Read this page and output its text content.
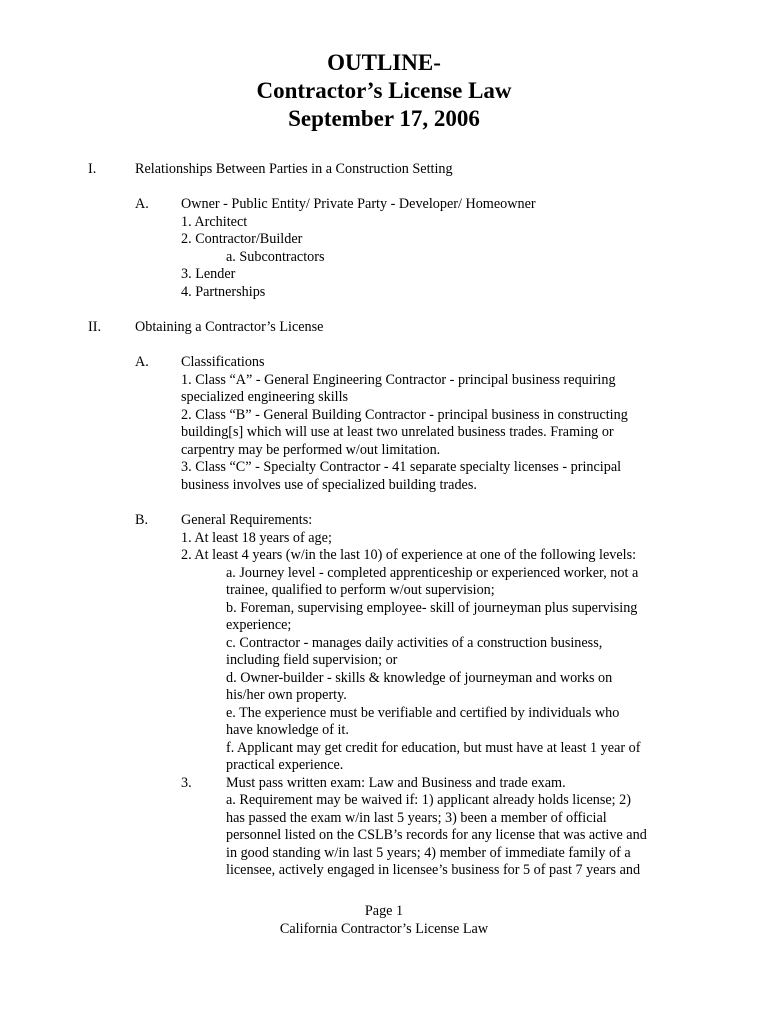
OUTLINE-
Contractor’s License Law
September 17, 2006
I.	Relationships Between Parties in a Construction Setting
A. Owner - Public Entity/ Private Party - Developer/ Homeowner
1. Architect
2. Contractor/Builder
a. Subcontractors
3. Lender
4. Partnerships
II. Obtaining a Contractor’s License
A. Classifications
1. Class “A” - General Engineering Contractor - principal business requiring
specialized engineering skills
2. Class “B” - General Building Contractor - principal business in constructing
building[s] which will use at least two unrelated business trades. Framing or
carpentry may be performed w/out limitation.
3. Class “C” - Specialty Contractor - 41 separate specialty licenses - principal
business involves use of specialized building trades.
B. General Requirements:
1. At least 18 years of age;
2. At least 4 years (w/in the last 10) of experience at one of the following levels:
a. Journey level - completed apprenticeship or experienced worker, not a
trainee, qualified to perform w/out supervision;
b. Foreman, supervising employee- skill of journeyman plus supervising
experience;
c. Contractor - manages daily activities of a construction business,
including field supervision; or
d. Owner-builder - skills & knowledge of journeyman and works on
his/her own property.
e. The experience must be verifiable and certified by individuals who
have knowledge of it.
f. Applicant may get credit for education, but must have at least 1 year of
practical experience.
3. Must pass written exam: Law and Business and trade exam.
a. Requirement may be waived if: 1) applicant already holds license; 2)
has passed the exam w/in last 5 years; 3) been a member of official
personnel listed on the CSLB’s records for any license that was active and
in good standing w/in last 5 years; 4) member of immediate family of a
licensee, actively engaged in licensee’s business for 5 of past 7 years and
Page 1
California Contractor’s License Law
